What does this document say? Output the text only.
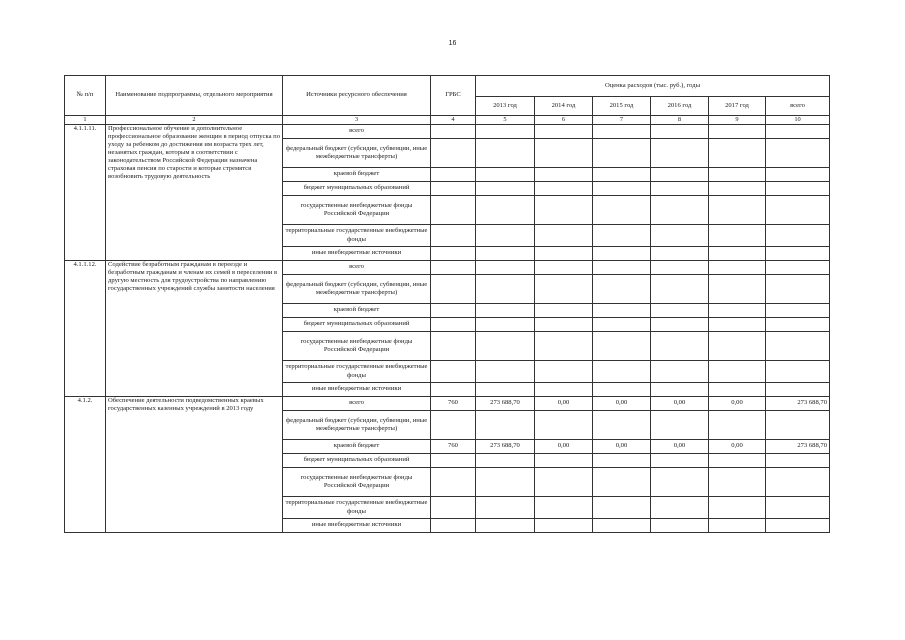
16
№ п/п	Наименование подпрограммы, отдельного мероприятия	Источники ресурсного обеспечения	ГРБС	Оценка расходов (тыс. руб.), годы					
				2013 год	2014 год	2015 год	2016 год	2017 год	всего
1	2	3	4	5	6	7	8	9	10
4.1.1.11.	Профессиональное обучение и дополнительное профессиональное образование женщин в период отпуска по уходу за ребенком до достижения им возраста трех лет, незанятых граждан, которым в соответствии с законодательством Российской Федерации назначена страховая пенсия по старости и которые стремятся возобновить трудовую деятельность	всего							
		федеральный бюджет (субсидии, субвенции, иные межбюджетные трансферты)							
		краевой бюджет							
		бюджет муниципальных образований							
		государственные внебюджетные фонды Российской Федерации							
		территориальные государственные внебюджетные фонды							
		иные внебюджетные источники							
4.1.1.12.	Содействие безработным гражданам в переезде и безработным гражданам и членам их семей в переселении в другую местность для трудоустройства по направлению государственных учреждений службы занятости населения	всего							
		федеральный бюджет (субсидии, субвенции, иные межбюджетные трансферты)							
		краевой бюджет							
		бюджет муниципальных образований							
		государственные внебюджетные фонды Российской Федерации							
		территориальные государственные внебюджетные фонды							
		иные внебюджетные источники							
4.1.2.	Обеспечение деятельности подведомственных краевых государственных казенных учреждений в 2013 году	всего	760	273 688,70	0,00	0,00	0,00	0,00	273 688,70
		федеральный бюджет (субсидии, субвенции, иные межбюджетные трансферты)							
		краевой бюджет	760	273 688,70	0,00	0,00	0,00	0,00	273 688,70
		бюджет муниципальных образований							
		государственные внебюджетные фонды Российской Федерации							
		территориальные государственные внебюджетные фонды							
		иные внебюджетные источники							
